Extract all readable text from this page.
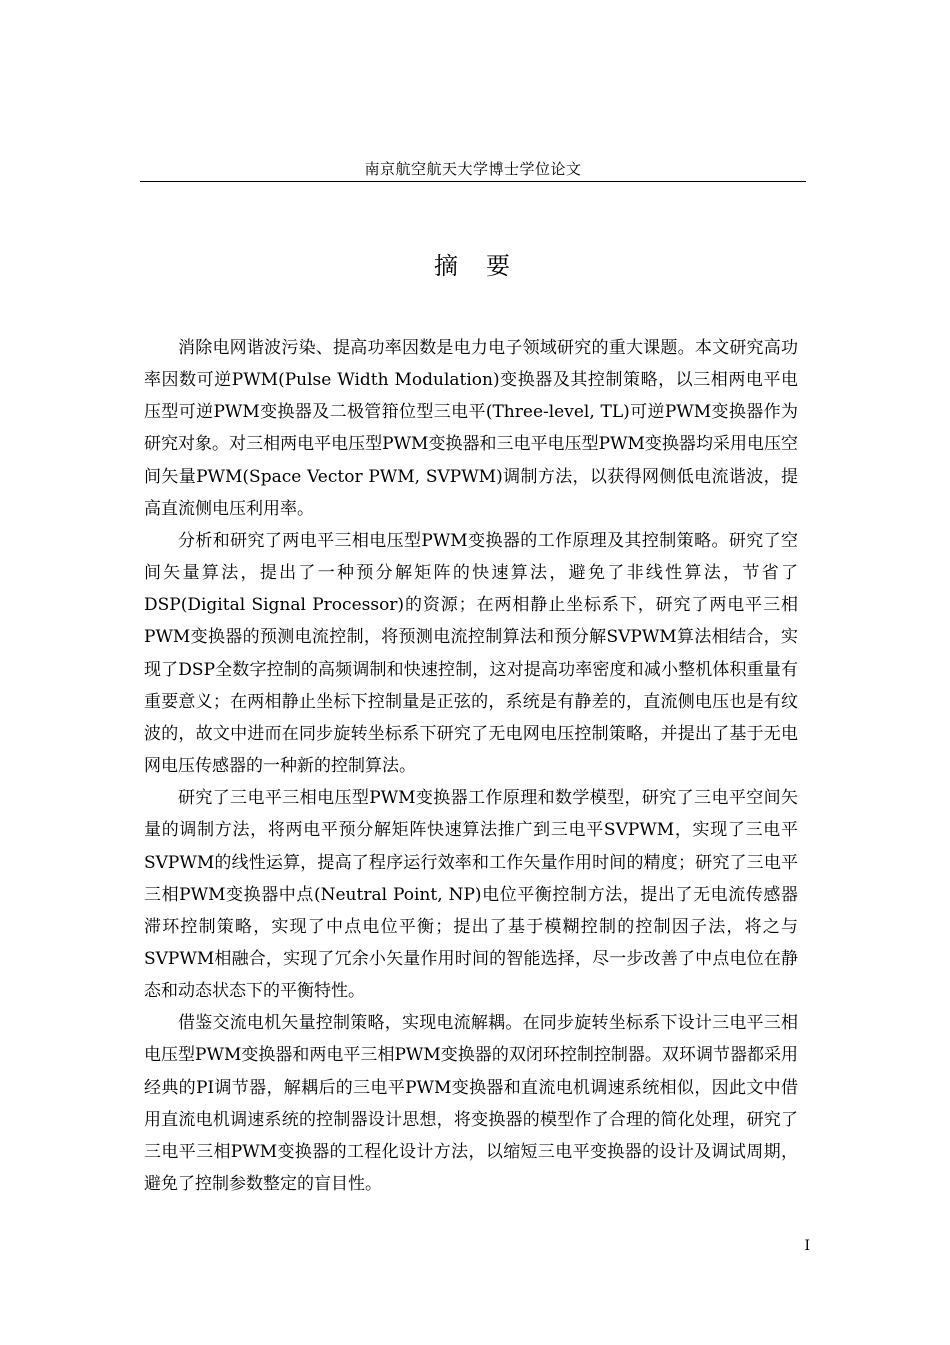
南京航空航天大学博士学位论文
摘　要

消除电网谐波污染、提高功率因数是电力电子领域研究的重大课题。本文研究高功率因数可逆PWM(Pulse Width Modulation)变换器及其控制策略，以三相两电平电压型可逆PWM变换器及二极管箝位型三电平(Three-level, TL)可逆PWM变换器作为研究对象。对三相两电平电压型PWM变换器和三电平电压型PWM变换器均采用电压空间矢量PWM(Space Vector PWM, SVPWM)调制方法，以获得网侧低电流谐波，提高直流侧电压利用率。

分析和研究了两电平三相电压型PWM变换器的工作原理及其控制策略。研究了空间矢量算法，提出了一种预分解矩阵的快速算法，避免了非线性算法，节省了DSP(Digital Signal Processor)的资源；在两相静止坐标系下，研究了两电平三相PWM变换器的预测电流控制，将预测电流控制算法和预分解SVPWM算法相结合，实现了DSP全数字控制的高频调制和快速控制，这对提高功率密度和减小整机体积重量有重要意义；在两相静止坐标下控制量是正弦的，系统是有静差的，直流侧电压也是有纹波的，故文中进而在同步旋转坐标系下研究了无电网电压控制策略，并提出了基于无电网电压传感器的一种新的控制算法。

研究了三电平三相电压型PWM变换器工作原理和数学模型，研究了三电平空间矢量的调制方法，将两电平预分解矩阵快速算法推广到三电平SVPWM，实现了三电平SVPWM的线性运算，提高了程序运行效率和工作矢量作用时间的精度；研究了三电平三相PWM变换器中点(Neutral Point, NP)电位平衡控制方法，提出了无电流传感器滞环控制策略，实现了中点电位平衡；提出了基于模糊控制的控制因子法，将之与SVPWM相融合，实现了冗余小矢量作用时间的智能选择，尽一步改善了中点电位在静态和动态状态下的平衡特性。

借鉴交流电机矢量控制策略，实现电流解耦。在同步旋转坐标系下设计三电平三相电压型PWM变换器和两电平三相PWM变换器的双闭环控制控制器。双环调节器都采用经典的PI调节器，解耦后的三电平PWM变换器和直流电机调速系统相似，因此文中借用直流电机调速系统的控制器设计思想，将变换器的模型作了合理的简化处理，研究了三电平三相PWM变换器的工程化设计方法，以缩短三电平变换器的设计及调试周期，避免了控制参数整定的盲目性。

I
